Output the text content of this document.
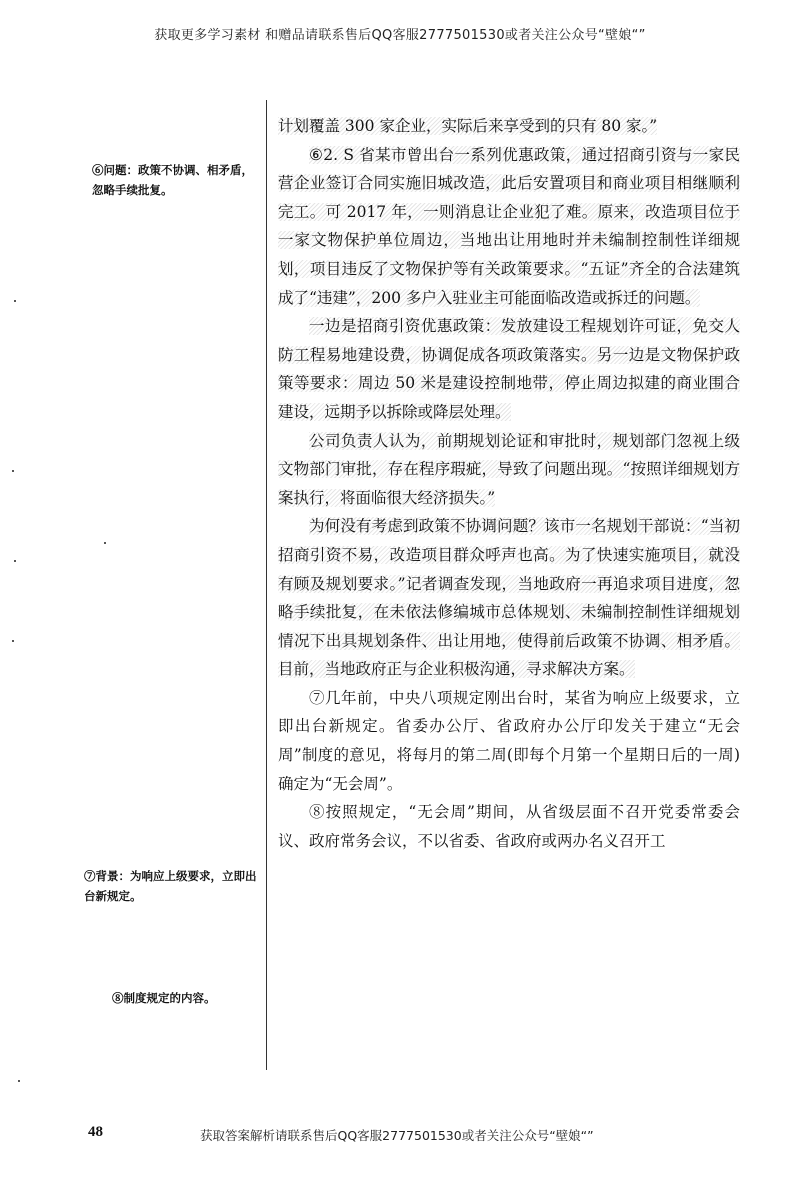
获取更多学习素材 和赠品请联系售后QQ客服2777501530或者关注公众号“壁娘“”
⑥问题：政策不协调、相矛盾，忽略手续批复。
⑦背景：为响应上级要求，立即出台新规定。
⑧制度规定的内容。

计划覆盖 300 家企业，实际后来享受到的只有 80 家。”

⑥2. S 省某市曾出台一系列优惠政策，通过招商引资与一家民营企业签订合同实施旧城改造，此后安置项目和商业项目相继顺利完工。可 2017 年，一则消息让企业犯了难。原来，改造项目位于一家文物保护单位周边，当地出让用地时并未编制控制性详细规划，项目违反了文物保护等有关政策要求。“五证”齐全的合法建筑成了“违建”，200 多户入驻业主可能面临改造或拆迁的问题。

一边是招商引资优惠政策：发放建设工程规划许可证，免交人防工程易地建设费，协调促成各项政策落实。另一边是文物保护政策等要求：周边 50 米是建设控制地带，停止周边拟建的商业围合建设，远期予以拆除或降层处理。

公司负责人认为，前期规划论证和审批时，规划部门忽视上级文物部门审批，存在程序瑕疵，导致了问题出现。“按照详细规划方案执行，将面临很大经济损失。”

为何没有考虑到政策不协调问题？该市一名规划干部说：“当初招商引资不易，改造项目群众呼声也高。为了快速实施项目，就没有顾及规划要求。”记者调查发现，当地政府一再追求项目进度，忽略手续批复，在未依法修编城市总体规划、未编制控制性详细规划情况下出具规划条件、出让用地，使得前后政策不协调、相矛盾。目前，当地政府正与企业积极沟通，寻求解决方案。

⑦几年前，中央八项规定刚出台时，某省为响应上级要求，立即出台新规定。省委办公厅、省政府办公厅印发关于建立“无会周”制度的意见，将每月的第二周(即每个月第一个星期日后的一周)确定为“无会周”。

⑧按照规定，“无会周”期间，从省级层面不召开党委常委会议、政府常务会议，不以省委、省政府或两办名义召开工

48	获取答案解析请联系售后QQ客服2777501530或者关注公众号“壁娘“”
